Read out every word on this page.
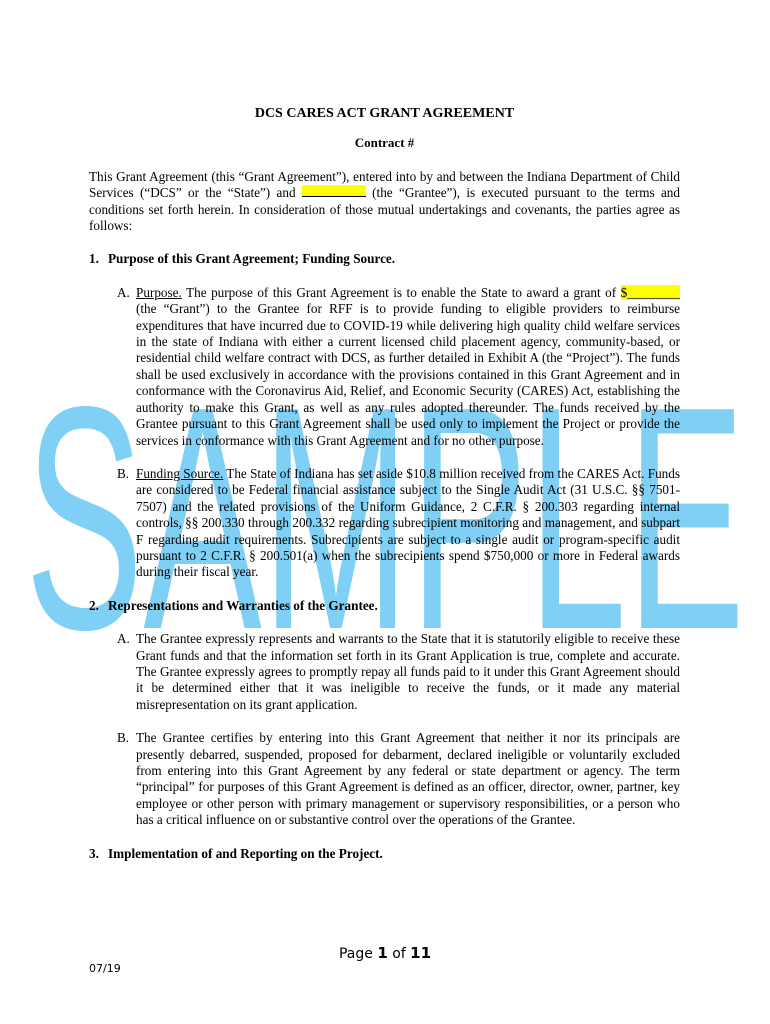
SAMPLE

DCS CARES ACT GRANT AGREEMENT

Contract #

This Grant Agreement (this “Grant Agreement”), entered into by and between the Indiana Department of Child Services (“DCS” or the “State”) and	(the “Grantee”), is executed pursuant to the terms and conditions set forth herein. In consideration of those mutual undertakings and covenants, the parties agree as follows:

1. Purpose of this Grant Agreement; Funding Source.
A. Purpose. The purpose of this Grant Agreement is to enable the State to award a grant of $________ (the “Grant”) to the Grantee for RFF is to provide funding to eligible providers to reimburse expenditures that have incurred due to COVID-19 while delivering high quality child welfare services in the state of Indiana with either a current licensed child placement agency, community-based, or residential child welfare contract with DCS, as further detailed in Exhibit A (the “Project”). The funds shall be used exclusively in accordance with the provisions contained in this Grant Agreement and in conformance with the Coronavirus Aid, Relief, and Economic Security (CARES) Act, establishing the authority to make this Grant, as well as any rules adopted thereunder. The funds received by the Grantee pursuant to this Grant Agreement shall be used only to implement the Project or provide the services in conformance with this Grant Agreement and for no other purpose.
B. Funding Source. The State of Indiana has set aside $10.8 million received from the CARES Act. Funds are considered to be Federal financial assistance subject to the Single Audit Act (31 U.S.C. §§ 7501-7507) and the related provisions of the Uniform Guidance, 2 C.F.R. § 200.303 regarding internal controls, §§ 200.330 through 200.332 regarding subrecipient monitoring and management, and subpart F regarding audit requirements. Subrecipients are subject to a single audit or program-specific audit pursuant to 2 C.F.R. § 200.501(a) when the subrecipients spend $750,000 or more in Federal awards during their fiscal year.
2. Representations and Warranties of the Grantee.
A. The Grantee expressly represents and warrants to the State that it is statutorily eligible to receive these Grant funds and that the information set forth in its Grant Application is true, complete and accurate. The Grantee expressly agrees to promptly repay all funds paid to it under this Grant Agreement should it be determined either that it was ineligible to receive the funds, or it made any material misrepresentation on its grant application.
B. The Grantee certifies by entering into this Grant Agreement that neither it nor its principals are presently debarred, suspended, proposed for debarment, declared ineligible or voluntarily excluded from entering into this Grant Agreement by any federal or state department or agency. The term “principal” for purposes of this Grant Agreement is defined as an officer, director, owner, partner, key employee or other person with primary management or supervisory responsibilities, or a person who has a critical influence on or substantive control over the operations of the Grantee.
3. Implementation of and Reporting on the Project.
Page 1 of 11
07/19
